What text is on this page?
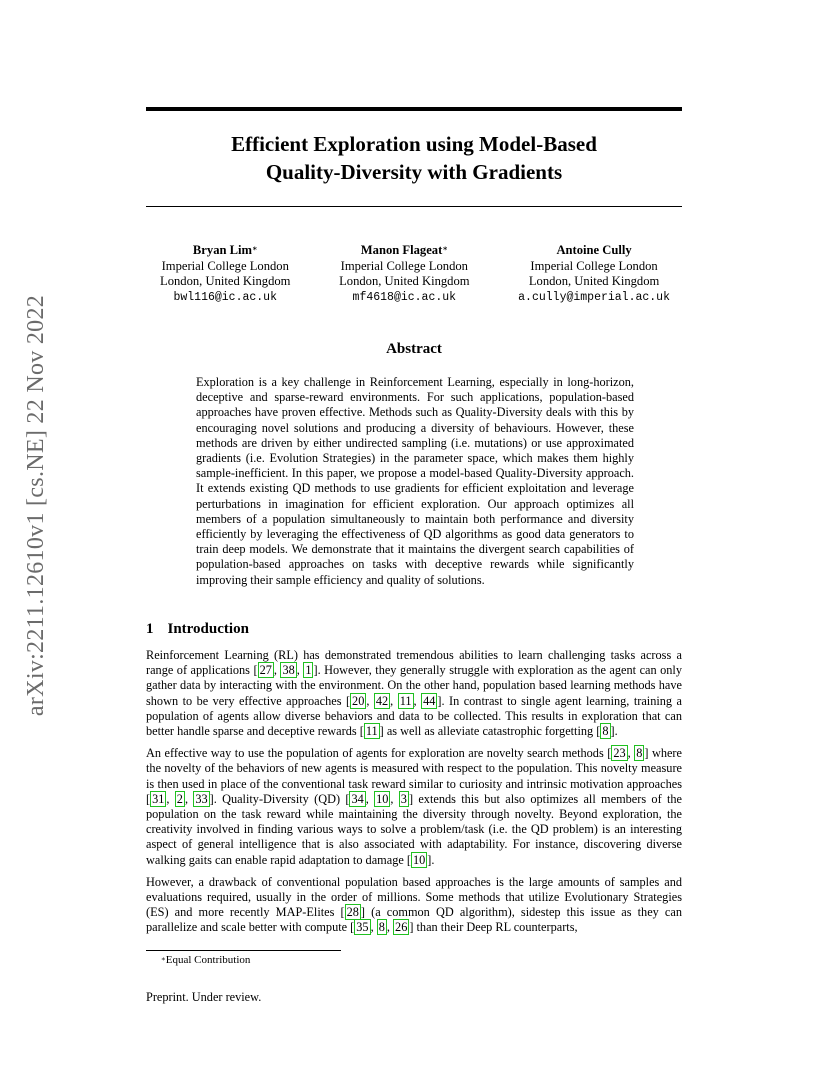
arXiv:2211.12610v1 [cs.NE] 22 Nov 2022
Efficient Exploration using Model-Based
Quality-Diversity with Gradients
Bryan Lim∗
Imperial College London
London, United Kingdom
bwl116@ic.ac.uk
Manon Flageat∗
Imperial College London
London, United Kingdom
mf4618@ic.ac.uk
Antoine Cully
Imperial College London
London, United Kingdom
a.cully@imperial.ac.uk
Abstract
Exploration is a key challenge in Reinforcement Learning, especially in long-horizon, deceptive and sparse-reward environments. For such applications, population-based approaches have proven effective. Methods such as Quality-Diversity deals with this by encouraging novel solutions and producing a diversity of behaviours. However, these methods are driven by either undirected sampling (i.e. mutations) or use approximated gradients (i.e. Evolution Strategies) in the parameter space, which makes them highly sample-inefficient. In this paper, we propose a model-based Quality-Diversity approach. It extends existing QD methods to use gradients for efficient exploitation and leverage perturbations in imagination for efficient exploration. Our approach optimizes all members of a population simultaneously to maintain both performance and diversity efficiently by leveraging the effectiveness of QD algorithms as good data generators to train deep models. We demonstrate that it maintains the divergent search capabilities of population-based approaches on tasks with deceptive rewards while significantly improving their sample efficiency and quality of solutions.
1 Introduction

Reinforcement Learning (RL) has demonstrated tremendous abilities to learn challenging tasks across a range of applications [ 27 , 38 , 1 ]. However, they generally struggle with exploration as the agent can only gather data by interacting with the environment. On the other hand, population based learning methods have shown to be very effective approaches [ 20 , 42 , 11 , 44 ]. In contrast to single agent learning, training a population of agents allow diverse behaviors and data to be collected. This results in exploration that can better handle sparse and deceptive rewards [ 11 ] as well as alleviate catastrophic forgetting [ 8 ].

An effective way to use the population of agents for exploration are novelty search methods [ 23 , 8 ] where the novelty of the behaviors of new agents is measured with respect to the population. This novelty measure is then used in place of the conventional task reward similar to curiosity and intrinsic motivation approaches [ 31 , 2 , 33 ]. Quality-Diversity (QD) [ 34 , 10 , 3 ] extends this but also optimizes all members of the population on the task reward while maintaining the diversity through novelty. Beyond exploration, the creativity involved in finding various ways to solve a problem/task (i.e. the QD problem) is an interesting aspect of general intelligence that is also associated with adaptability. For instance, discovering diverse walking gaits can enable rapid adaptation to damage [ 10 ].

However, a drawback of conventional population based approaches is the large amounts of samples and evaluations required, usually in the order of millions. Some methods that utilize Evolutionary Strategies (ES) and more recently MAP-Elites [ 28 ] (a common QD algorithm), sidestep this issue as they can parallelize and scale better with compute [ 35 , 8 , 26 ] than their Deep RL counterparts,

∗Equal Contribution
Preprint. Under review.
